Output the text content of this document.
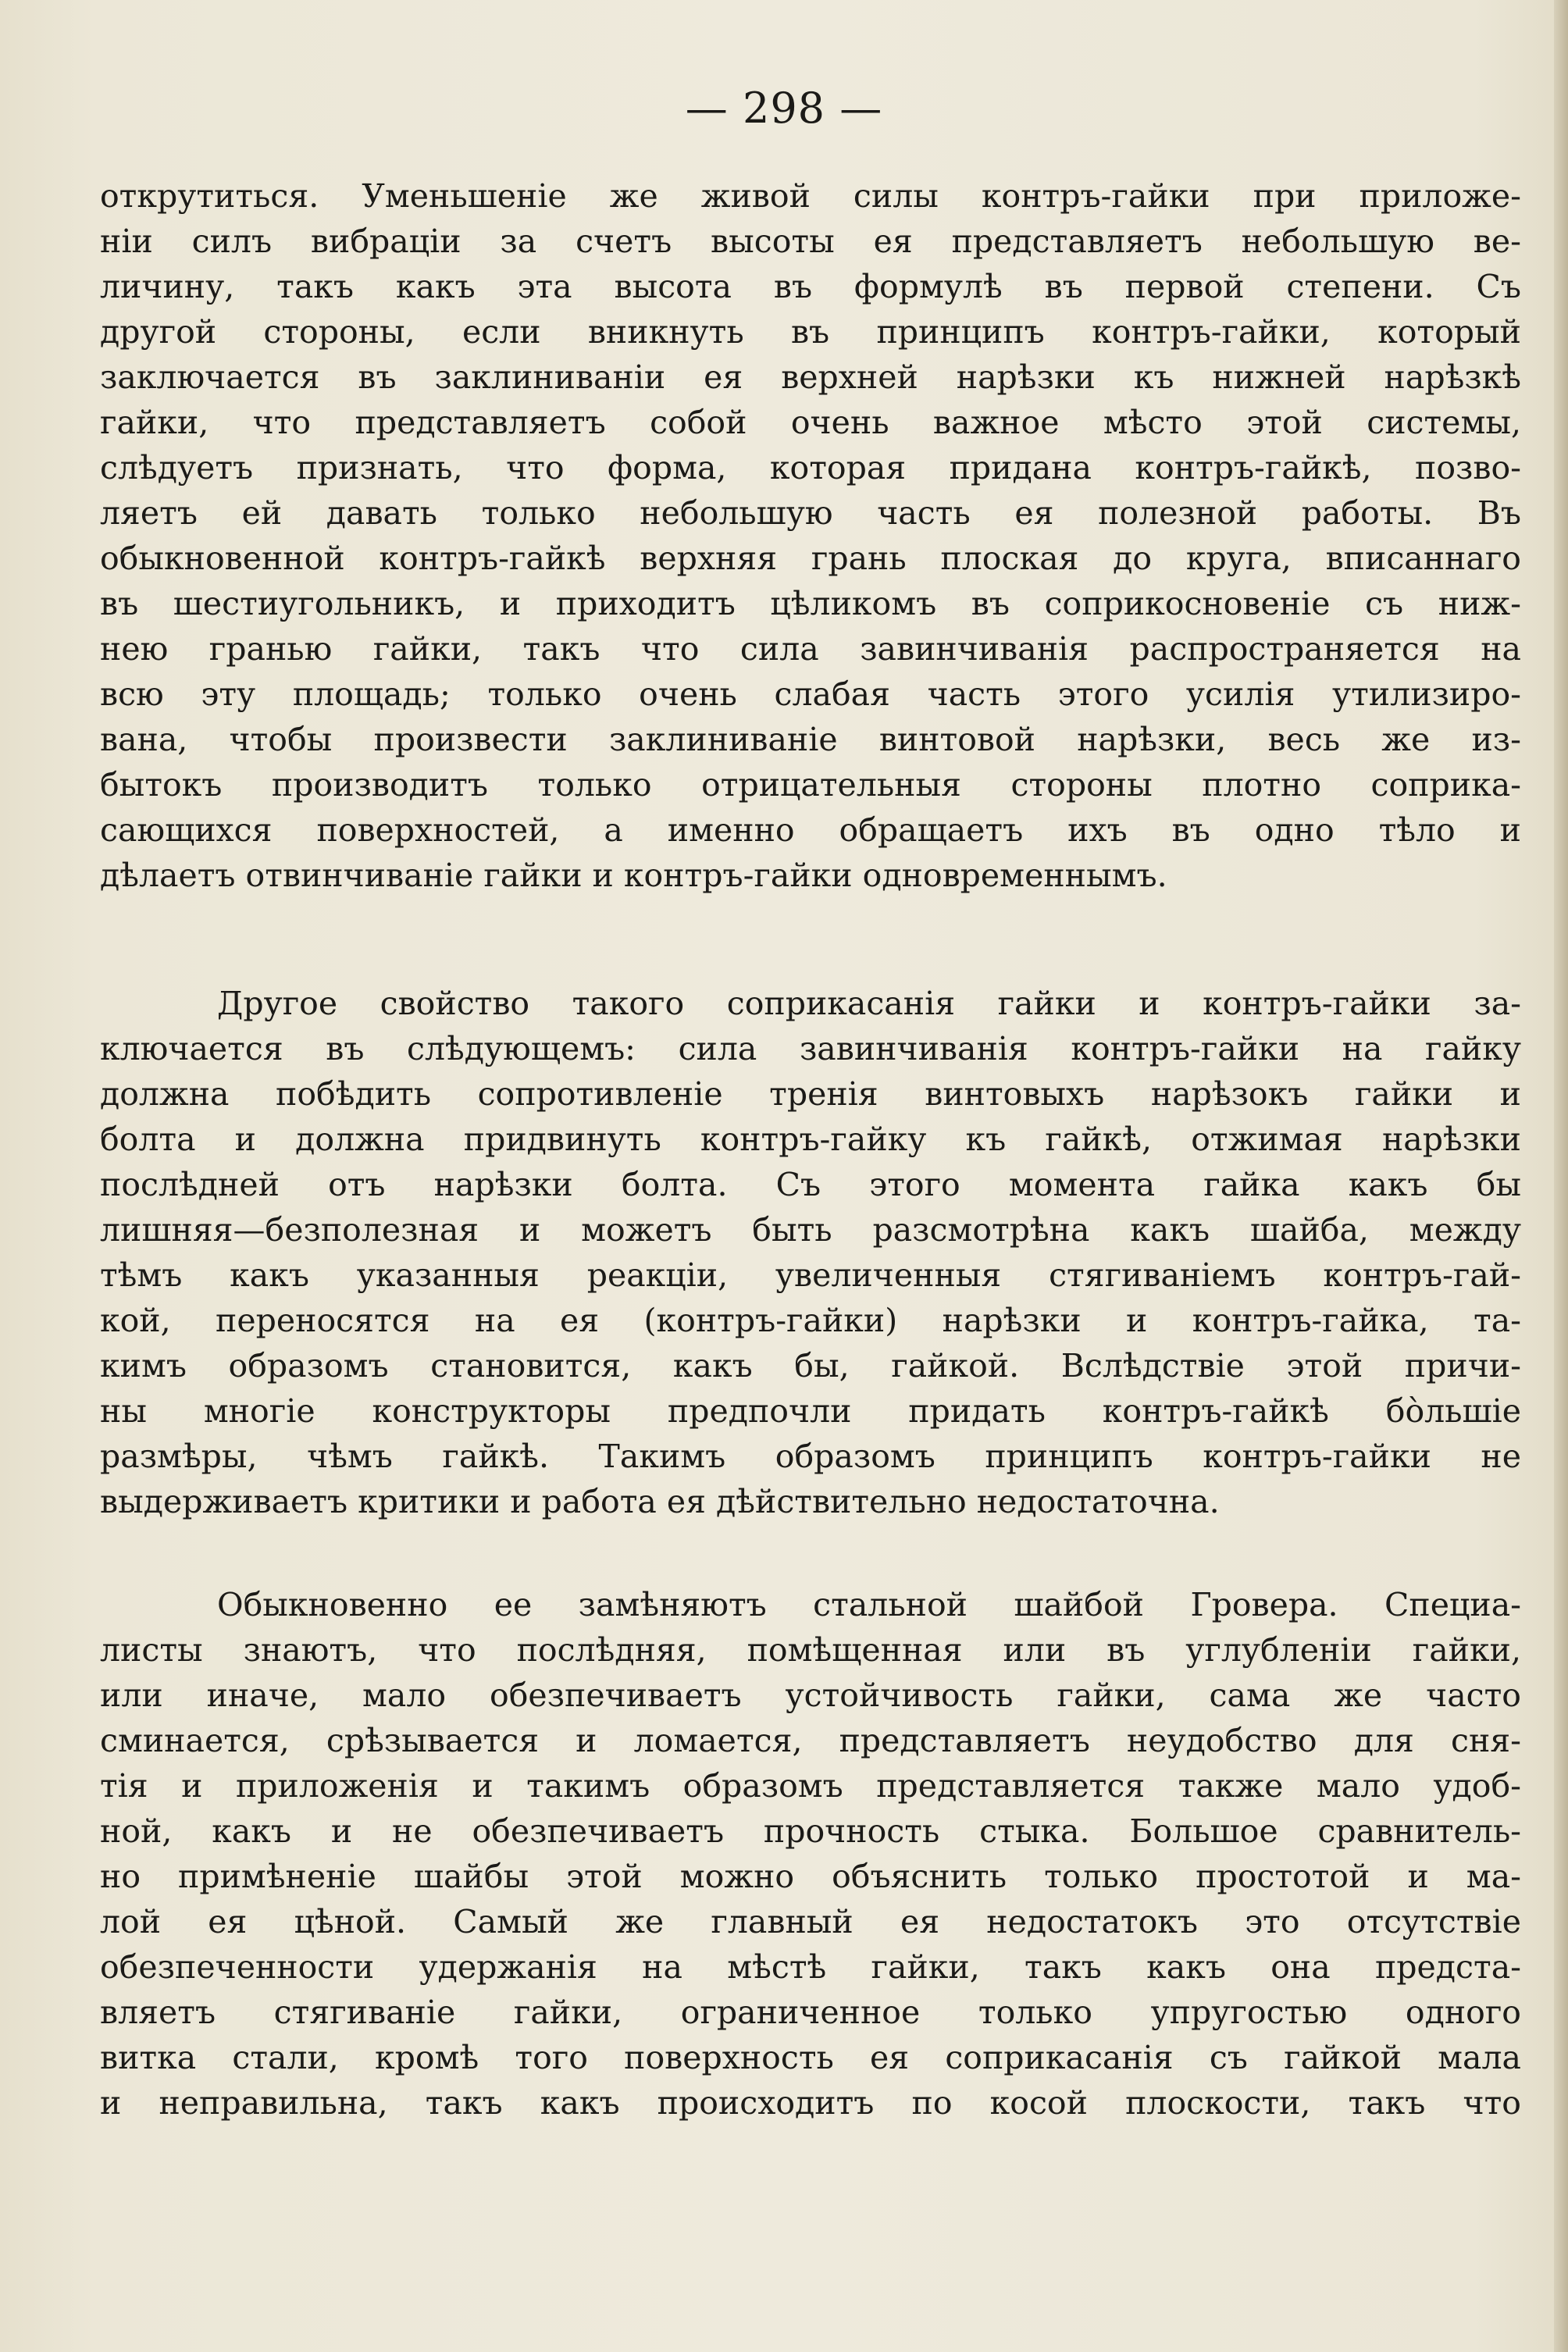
— 298 —
открутиться. Уменьшеніе же живой силы контръ-гайки при приложе-
ніи силъ вибраціи за счетъ высоты ея представляетъ небольшую ве-
личину, такъ какъ эта высота въ формулѣ въ первой степени. Съ
другой стороны, если вникнуть въ принципъ контръ-гайки, который
заключается въ заклиниваніи ея верхней нарѣзки къ нижней нарѣзкѣ
гайки, что представляетъ собой очень важное мѣсто этой системы,
слѣдуетъ признать, что форма, которая придана контръ-гайкѣ, позво-
ляетъ ей давать только небольшую часть ея полезной работы. Въ
обыкновенной контръ-гайкѣ верхняя грань плоская до круга, вписаннаго
въ шестиугольникъ, и приходитъ цѣликомъ въ соприкосновеніе съ ниж-
нею гранью гайки, такъ что сила завинчиванія распространяется на
всю эту площадь; только очень слабая часть этого усилія утилизиро-
вана, чтобы произвести заклиниваніе винтовой нарѣзки, весь же из-
бытокъ производитъ только отрицательныя стороны плотно соприка-
сающихся поверхностей, а именно обращаетъ ихъ въ одно тѣло и
дѣлаетъ отвинчиваніе гайки и контръ-гайки одновременнымъ.
Другое свойство такого соприкасанія гайки и контръ-гайки за-
ключается въ слѣдующемъ: сила завинчиванія контръ-гайки на гайку
должна побѣдить сопротивленіе тренія винтовыхъ нарѣзокъ гайки и
болта и должна придвинуть контръ-гайку къ гайкѣ, отжимая нарѣзки
послѣдней отъ нарѣзки болта. Съ этого момента гайка какъ бы
лишняя—безполезная и можетъ быть разсмотрѣна какъ шайба, между
тѣмъ какъ указанныя реакціи, увеличенныя стягиваніемъ контръ-гай-
кой, переносятся на ея (контръ-гайки) нарѣзки и контръ-гайка, та-
кимъ образомъ становится, какъ бы, гайкой. Вслѣдствіе этой причи-
ны многіе конструкторы предпочли придать контръ-гайкѣ бо̀льшіе
размѣры, чѣмъ гайкѣ. Такимъ образомъ принципъ контръ-гайки не
выдерживаетъ критики и работа ея дѣйствительно недостаточна.
Обыкновенно ее замѣняютъ стальной шайбой Гровера. Специа-
листы знаютъ, что послѣдняя, помѣщенная или въ углубленіи гайки,
или иначе, мало обезпечиваетъ устойчивость гайки, сама же часто
сминается, срѣзывается и ломается, представляетъ неудобство для сня-
тія и приложенія и такимъ образомъ представляется также мало удоб-
ной, какъ и не обезпечиваетъ прочность стыка. Большое сравнитель-
но примѣненіе шайбы этой можно объяснить только простотой и ма-
лой ея цѣной. Самый же главный ея недостатокъ это отсутствіе
обезпеченности удержанія на мѣстѣ гайки, такъ какъ она предста-
вляетъ стягиваніе гайки, ограниченное только упругостью одного
витка стали, кромѣ того поверхность ея соприкасанія съ гайкой мала
и неправильна, такъ какъ происходитъ по косой плоскости, такъ что
